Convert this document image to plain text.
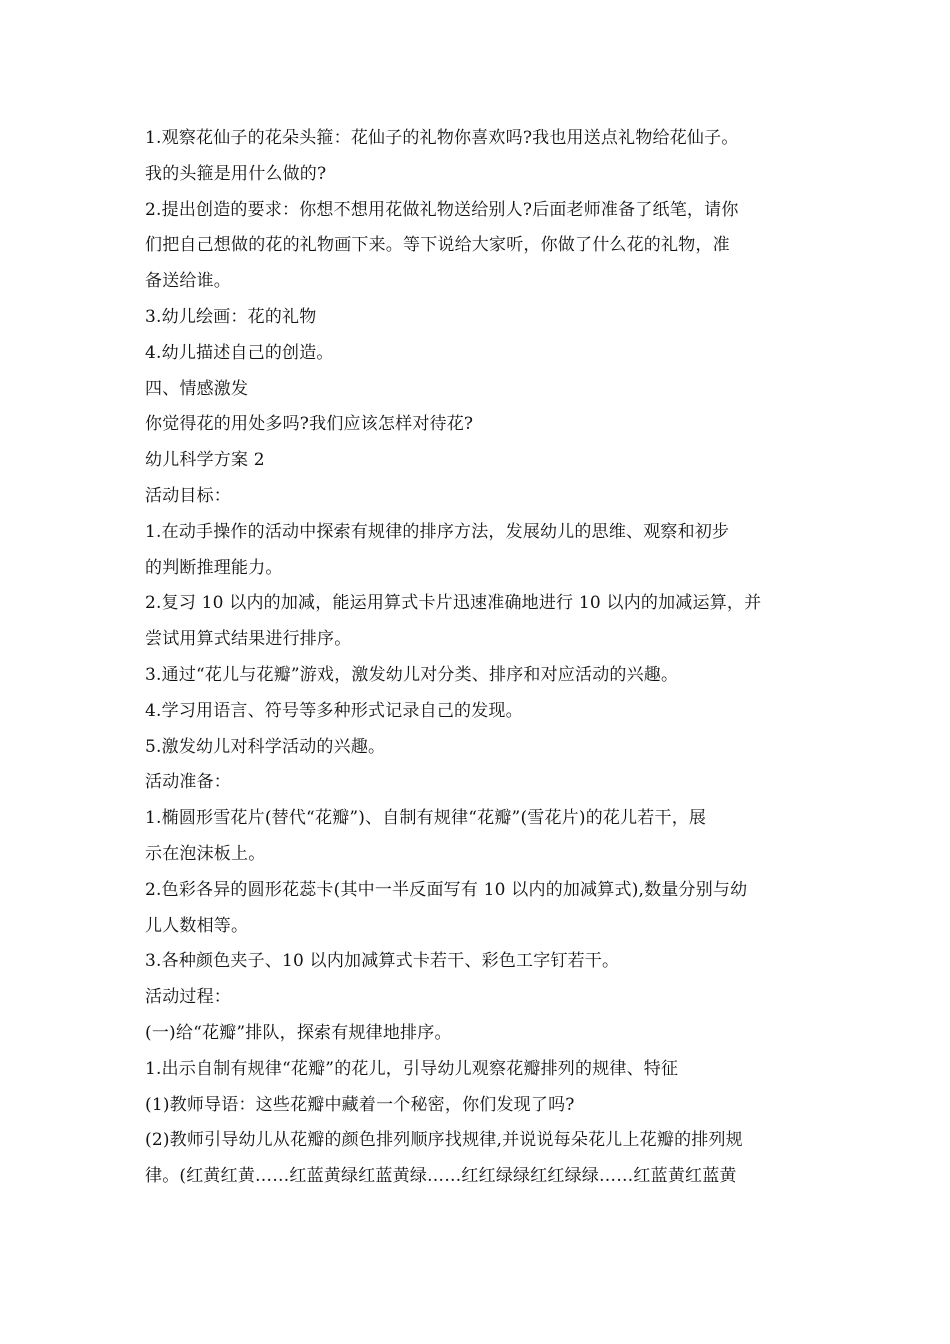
1.观察花仙子的花朵头箍：花仙子的礼物你喜欢吗?我也用送点礼物给花仙子。
我的头箍是用什么做的?
2.提出创造的要求：你想不想用花做礼物送给别人?后面老师准备了纸笔，请你
们把自己想做的花的礼物画下来。等下说给大家听，你做了什么花的礼物，准
备送给谁。
3.幼儿绘画：花的礼物
4.幼儿描述自己的创造。
四、情感激发
你觉得花的用处多吗?我们应该怎样对待花?
幼儿科学方案 2
活动目标：
1.在动手操作的活动中探索有规律的排序方法，发展幼儿的思维、观察和初步
的判断推理能力。
2.复习 10 以内的加减，能运用算式卡片迅速准确地进行 10 以内的加减运算，并
尝试用算式结果进行排序。
3.通过“花儿与花瓣”游戏，激发幼儿对分类、排序和对应活动的兴趣。
4.学习用语言、符号等多种形式记录自己的发现。
5.激发幼儿对科学活动的兴趣。
活动准备：
1.椭圆形雪花片(替代“花瓣”)、自制有规律“花瓣”(雪花片)的花儿若干，展
示在泡沫板上。
2.色彩各异的圆形花蕊卡(其中一半反面写有 10 以内的加减算式),数量分别与幼
儿人数相等。
3.各种颜色夹子、10 以内加减算式卡若干、彩色工字钉若干。
活动过程：
(一)给“花瓣”排队，探索有规律地排序。
1.出示自制有规律“花瓣”的花儿，引导幼儿观察花瓣排列的规律、特征
(1)教师导语：这些花瓣中藏着一个秘密，你们发现了吗?
(2)教师引导幼儿从花瓣的颜色排列顺序找规律,并说说每朵花儿上花瓣的排列规
律。(红黄红黄……红蓝黄绿红蓝黄绿……红红绿绿红红绿绿……红蓝黄红蓝黄
